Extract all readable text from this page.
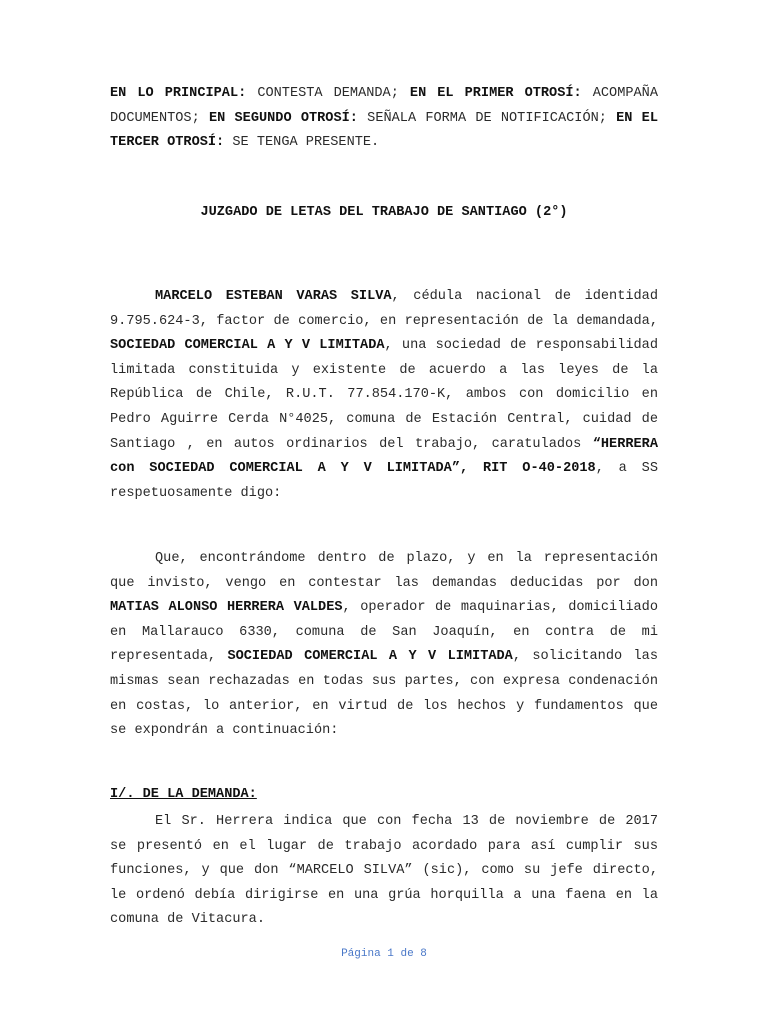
EN LO PRINCIPAL: CONTESTA DEMANDA; EN EL PRIMER OTROSÍ: ACOMPAÑA DOCUMENTOS; EN SEGUNDO OTROSÍ: SEÑALA FORMA DE NOTIFICACIÓN; EN EL TERCER OTROSÍ: SE TENGA PRESENTE.
JUZGADO DE LETAS DEL TRABAJO DE SANTIAGO (2°)
MARCELO ESTEBAN VARAS SILVA, cédula nacional de identidad 9.795.624-3, factor de comercio, en representación de la demandada, SOCIEDAD COMERCIAL A Y V LIMITADA, una sociedad de responsabilidad limitada constituida y existente de acuerdo a las leyes de la República de Chile, R.U.T. 77.854.170-K, ambos con domicilio en Pedro Aguirre Cerda N°4025, comuna de Estación Central, cuidad de Santiago , en autos ordinarios del trabajo, caratulados “HERRERA con SOCIEDAD COMERCIAL A Y V LIMITADA”, RIT O-40-2018, a SS respetuosamente digo:
Que, encontrándome dentro de plazo, y en la representación que invisto, vengo en contestar las demandas deducidas por don MATIAS ALONSO HERRERA VALDES, operador de maquinarias, domiciliado en Mallarauco 6330, comuna de San Joaquín, en contra de mi representada, SOCIEDAD COMERCIAL A Y V LIMITADA, solicitando las mismas sean rechazadas en todas sus partes, con expresa condenación en costas, lo anterior, en virtud de los hechos y fundamentos que se expondrán a continuación:
I/. DE LA DEMANDA:
El Sr. Herrera indica que con fecha 13 de noviembre de 2017 se presentó en el lugar de trabajo acordado para así cumplir sus funciones, y que don “MARCELO SILVA” (sic), como su jefe directo, le ordenó debía dirigirse en una grúa horquilla a una faena en la comuna de Vitacura.
Página 1 de 8
